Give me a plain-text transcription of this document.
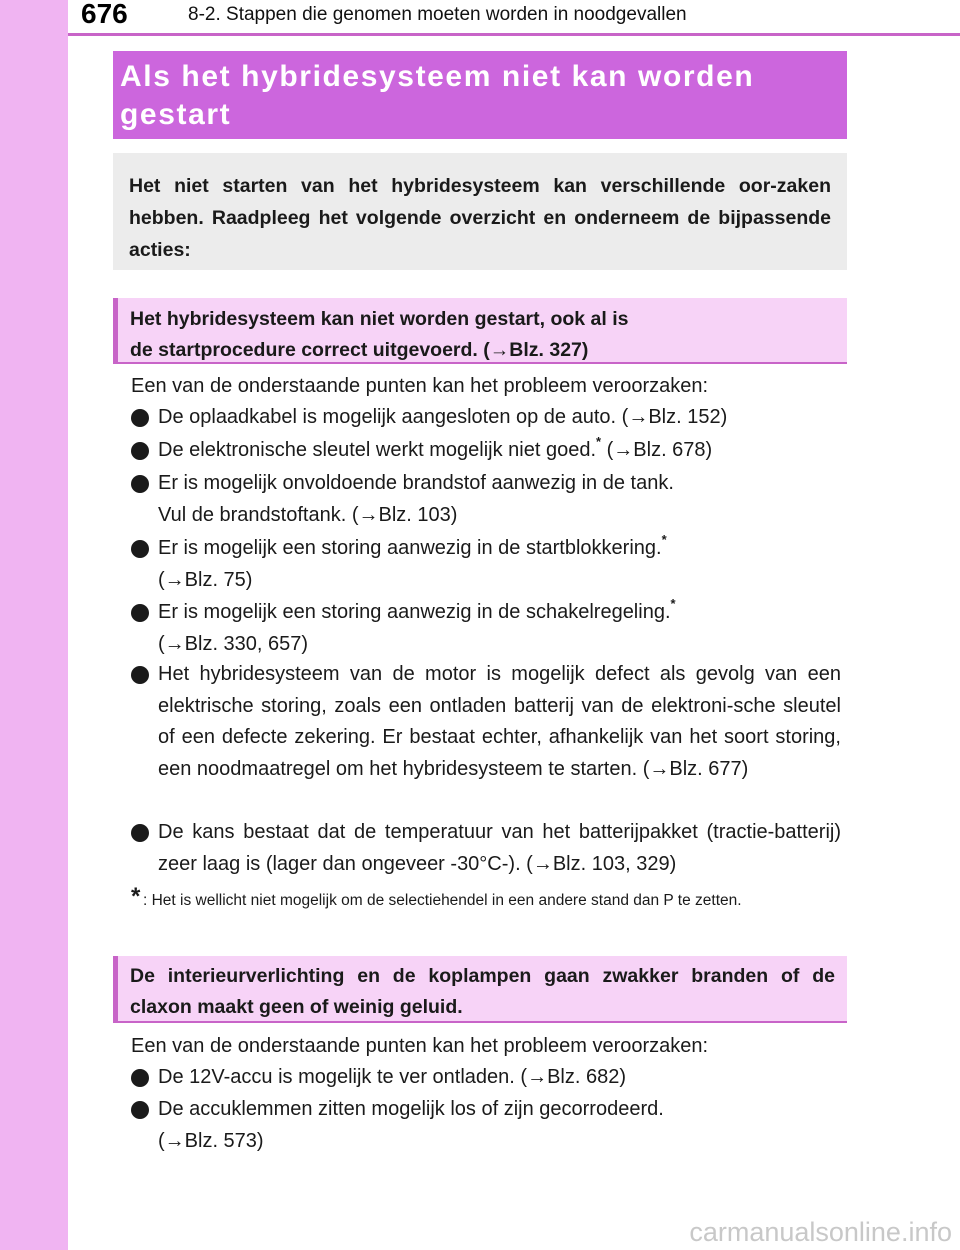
676	8-2. Stappen die genomen moeten worden in noodgevallen
Als het hybridesysteem niet kan worden
gestart

Het niet starten van het hybridesysteem kan verschillende oor-zaken hebben. Raadpleeg het volgende overzicht en onderneem de bijpassende acties:

Het hybridesysteem kan niet worden gestart, ook al is
de startprocedure correct uitgevoerd. (→Blz. 327)

Een van de onderstaande punten kan het probleem veroorzaken:
De oplaadkabel is mogelijk aangesloten op de auto. (→Blz. 152)
De elektronische sleutel werkt mogelijk niet goed.* (→Blz. 678)
Er is mogelijk onvoldoende brandstof aanwezig in de tank.
Vul de brandstoftank. (→Blz. 103)
Er is mogelijk een storing aanwezig in de startblokkering.*
(→Blz. 75)
Er is mogelijk een storing aanwezig in de schakelregeling.*
(→Blz. 330, 657)
Het hybridesysteem van de motor is mogelijk defect als gevolg van een elektrische storing, zoals een ontladen batterij van de elektroni-sche sleutel of een defecte zekering. Er bestaat echter, afhankelijk van het soort storing, een noodmaatregel om het hybridesysteem te starten. (→Blz. 677)
De kans bestaat dat de temperatuur van het batterijpakket (tractie-batterij) zeer laag is (lager dan ongeveer -30°C-). (→Blz. 103, 329)
* : Het is wellicht niet mogelijk om de selectiehendel in een andere stand dan P te zetten.

De interieurverlichting en de koplampen gaan zwakker branden of de claxon maakt geen of weinig geluid.

Een van de onderstaande punten kan het probleem veroorzaken:
De 12V-accu is mogelijk te ver ontladen. (→Blz. 682)
De accuklemmen zitten mogelijk los of zijn gecorrodeerd.
(→Blz. 573)
carmanualsonline.info
